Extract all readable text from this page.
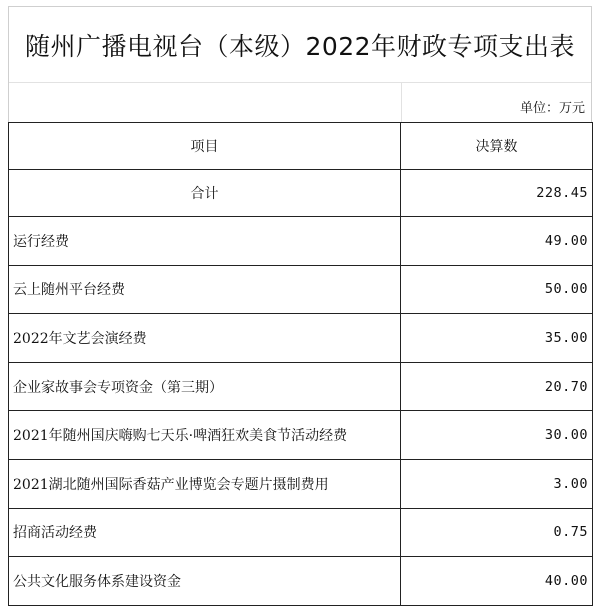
随州广播电视台（本级）2022年财政专项支出表
单位：万元
项目	决算数
合计	228.45
运行经费	49.00
云上随州平台经费	50.00
2022年文艺会演经费	35.00
企业家故事会专项资金（第三期）	20.70
2021年随州国庆嗨购七天乐·啤酒狂欢美食节活动经费	30.00
2021湖北随州国际香菇产业博览会专题片摄制费用	3.00
招商活动经费	0.75
公共文化服务体系建设资金	40.00
